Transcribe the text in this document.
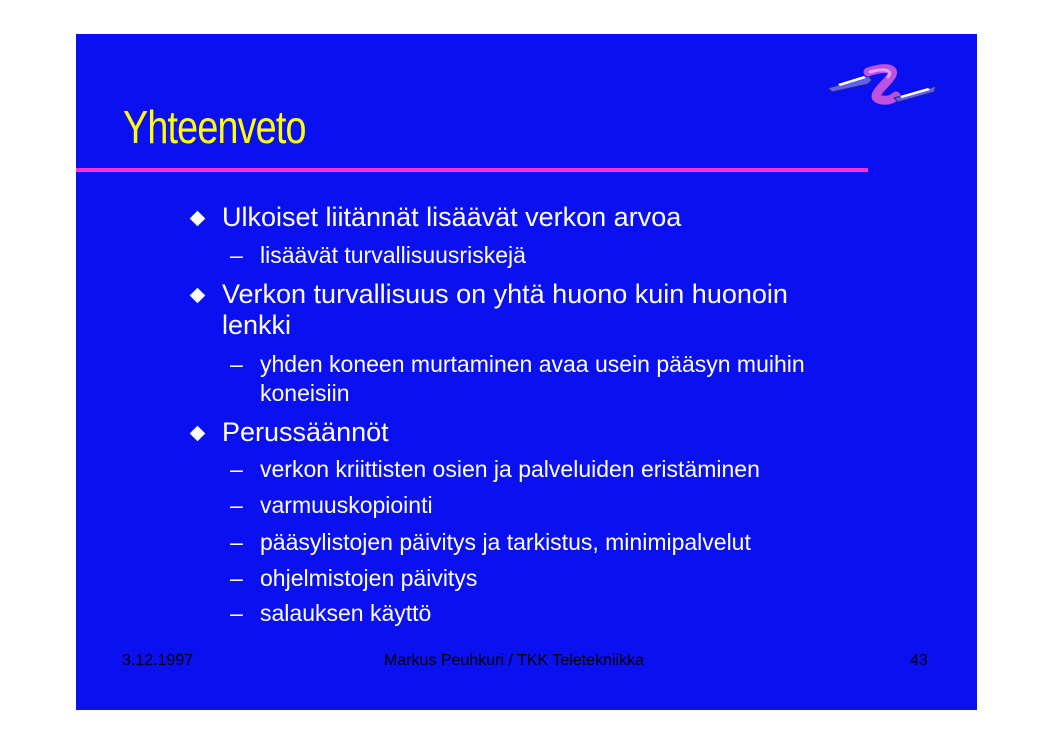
Yhteenveto
Ulkoiset liitännät lisäävät verkon arvoa
– lisäävät turvallisuusriskejä
Verkon turvallisuus on yhtä huono kuin huonoin
lenkki
– yhden koneen murtaminen avaa usein pääsyn muihin
koneisiin
Perussäännöt
– verkon kriittisten osien ja palveluiden eristäminen
– varmuuskopiointi
– pääsylistojen päivitys ja tarkistus, minimipalvelut
– ohjelmistojen päivitys
– salauksen käyttö
3.12.1997	Markus Peuhkuri / TKK Teletekniikka	43
